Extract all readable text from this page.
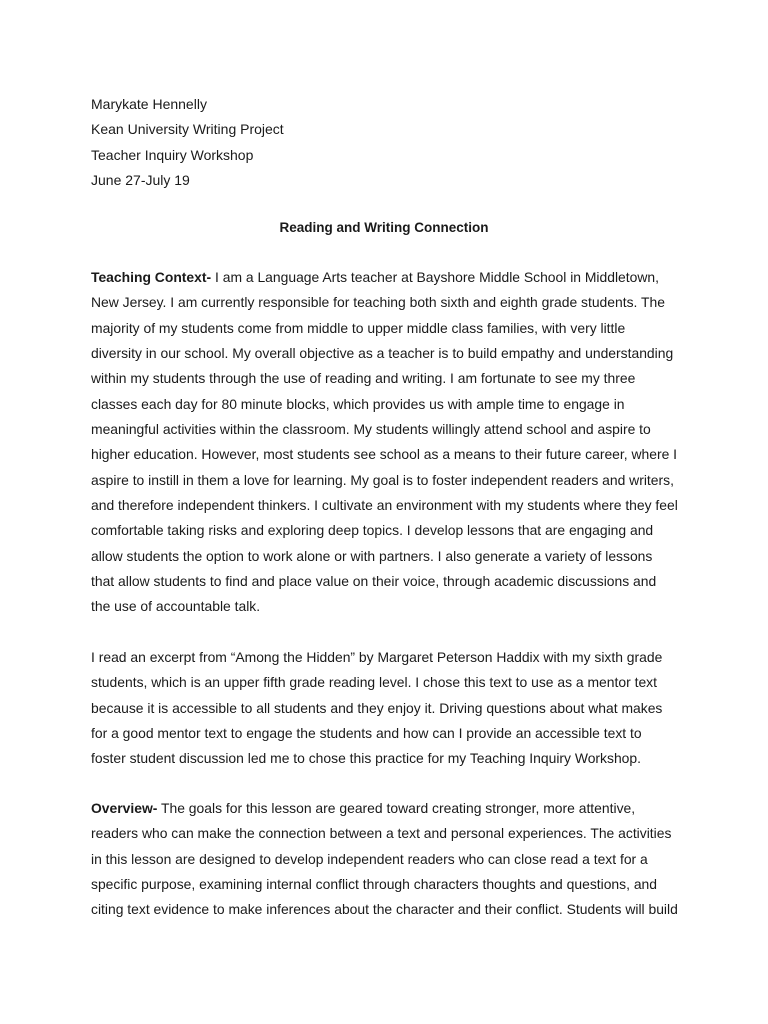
Marykate Hennelly

Kean University Writing Project

Teacher Inquiry Workshop

June 27-July 19

Reading and Writing Connection

Teaching Context- I am a Language Arts teacher at Bayshore Middle School in Middletown, New Jersey. I am currently responsible for teaching both sixth and eighth grade students. The majority of my students come from middle to upper middle class families, with very little diversity in our school. My overall objective as a teacher is to build empathy and understanding within my students through the use of reading and writing. I am fortunate to see my three classes each day for 80 minute blocks, which provides us with ample time to engage in meaningful activities within the classroom. My students willingly attend school and aspire to higher education. However, most students see school as a means to their future career, where I aspire to instill in them a love for learning. My goal is to foster independent readers and writers, and therefore independent thinkers. I cultivate an environment with my students where they feel comfortable taking risks and exploring deep topics. I develop lessons that are engaging and allow students the option to work alone or with partners. I also generate a variety of lessons that allow students to find and place value on their voice, through academic discussions and the use of accountable talk.

I read an excerpt from “Among the Hidden” by Margaret Peterson Haddix with my sixth grade students, which is an upper fifth grade reading level. I chose this text to use as a mentor text because it is accessible to all students and they enjoy it. Driving questions about what makes for a good mentor text to engage the students and how can I provide an accessible text to foster student discussion led me to chose this practice for my Teaching Inquiry Workshop.

Overview- The goals for this lesson are geared toward creating stronger, more attentive, readers who can make the connection between a text and personal experiences. The activities in this lesson are designed to develop independent readers who can close read a text for a specific purpose, examining internal conflict through characters thoughts and questions, and citing text evidence to make inferences about the character and their conflict. Students will build
